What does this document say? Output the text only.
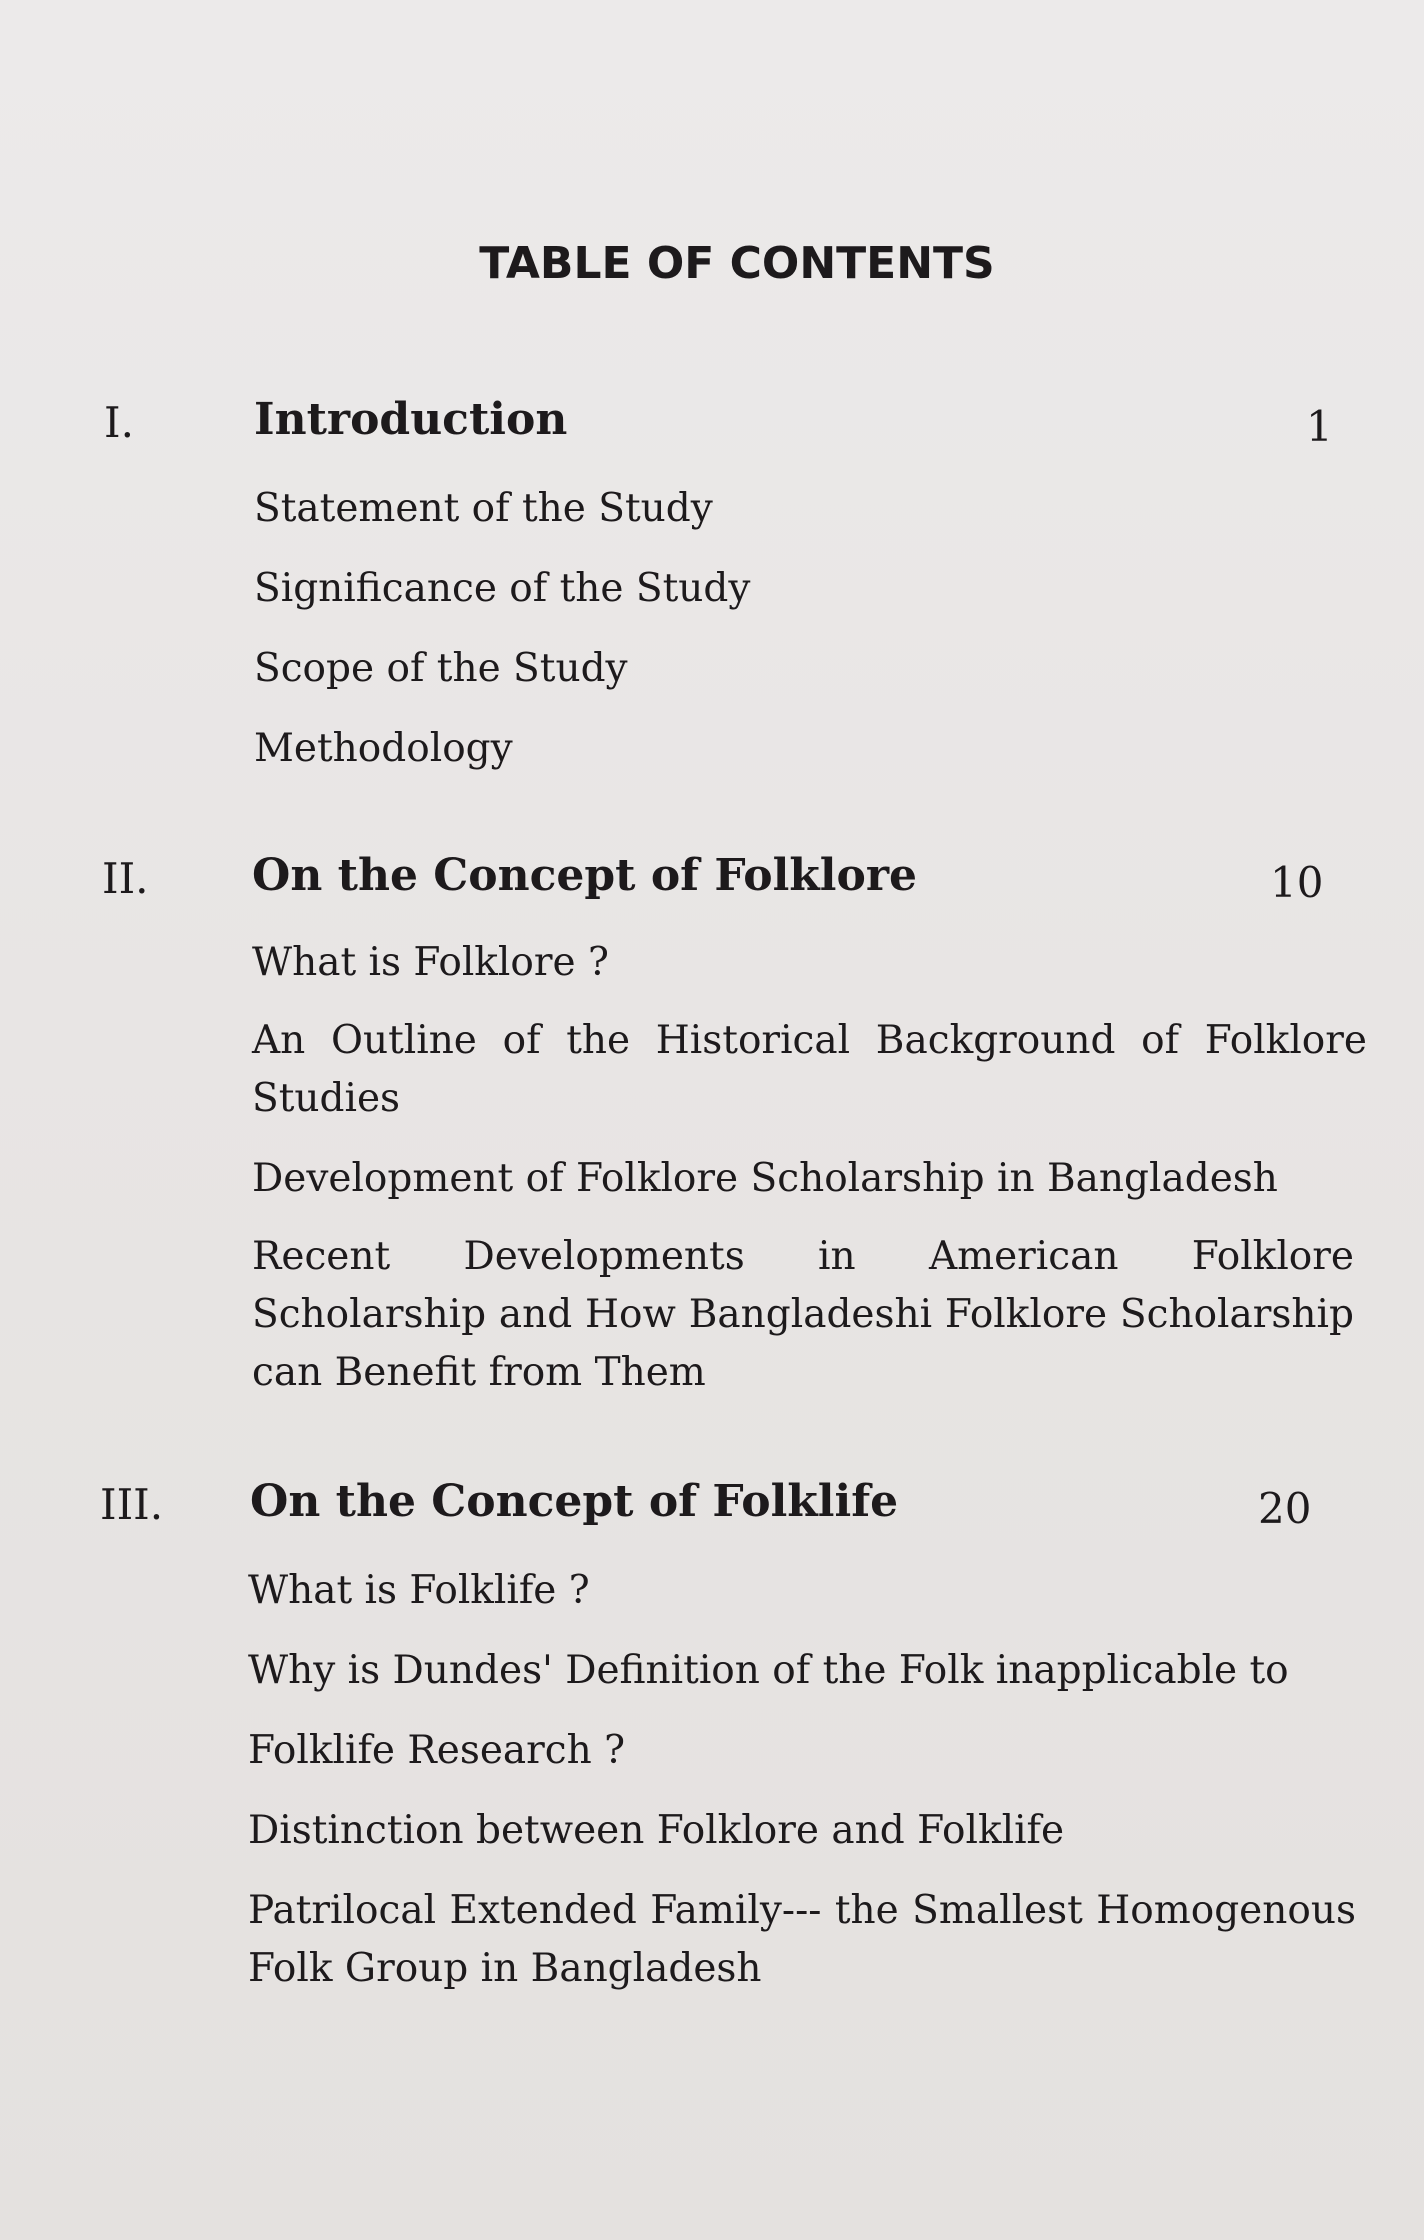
TABLE OF CONTENTS
I.	Introduction	1
Statement of the Study
Significance of the Study
Scope of the Study
Methodology
II. On the Concept of Folklore	10
What is Folklore ?
An Outline of the Historical Background of Folklore Studies
Development of Folklore Scholarship in Bangladesh
Recent Developments in American Folklore Scholarship and How Bangladeshi Folklore Scholarship can Benefit from Them
III. On the Concept of Folklife	20
What is Folklife ?
Why is Dundes' Definition of the Folk inapplicable to
Folklife Research ?
Distinction between Folklore and Folklife
Patrilocal Extended Family--- the Smallest Homogenous Folk Group in Bangladesh
